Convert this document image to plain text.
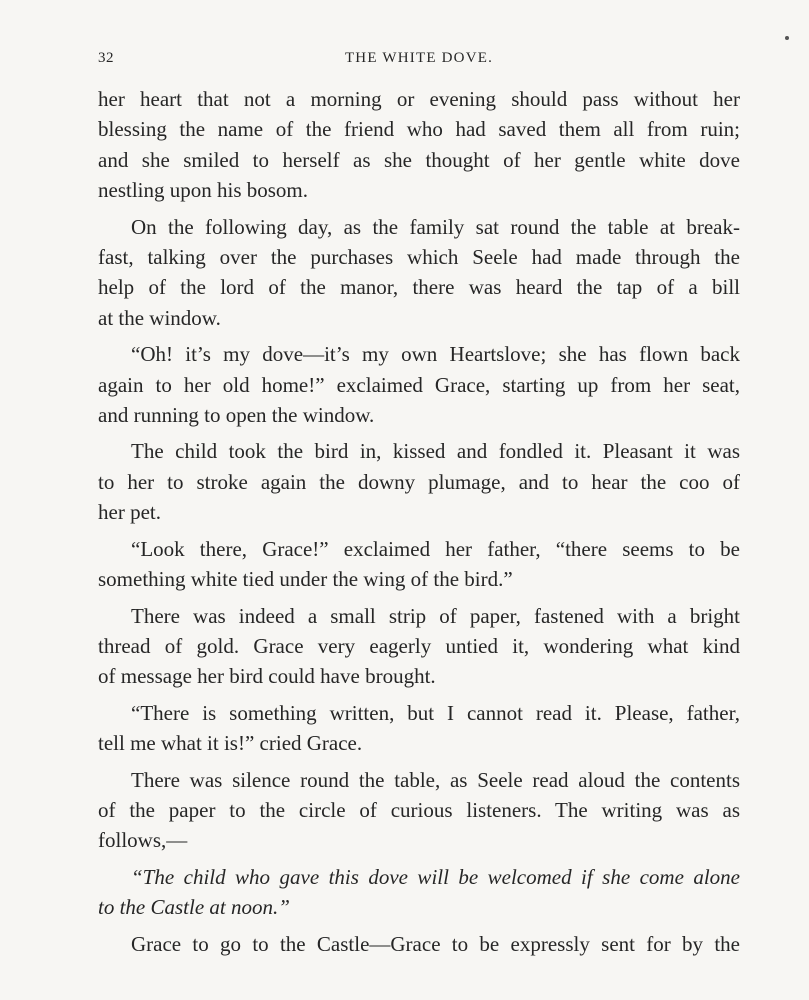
32	THE WHITE DOVE.

her heart that not a morning or evening should pass without her
blessing the name of the friend who had saved them all from ruin;
and she smiled to herself as she thought of her gentle white dove
nestling upon his bosom.

On the following day, as the family sat round the table at break-
fast, talking over the purchases which Seele had made through the
help of the lord of the manor, there was heard the tap of a bill
at the window.

“Oh! it’s my dove—it’s my own Heartslove; she has flown back
again to her old home!” exclaimed Grace, starting up from her seat,
and running to open the window.

The child took the bird in, kissed and fondled it. Pleasant it was
to her to stroke again the downy plumage, and to hear the coo of
her pet.

“Look there, Grace!” exclaimed her father, “there seems to be
something white tied under the wing of the bird.”

There was indeed a small strip of paper, fastened with a bright
thread of gold. Grace very eagerly untied it, wondering what kind
of message her bird could have brought.

“There is something written, but I cannot read it. Please, father,
tell me what it is!” cried Grace.

There was silence round the table, as Seele read aloud the contents
of the paper to the circle of curious listeners. The writing was as
follows,—

“The child who gave this dove will be welcomed if she come alone
to the Castle at noon.”

Grace to go to the Castle—Grace to be expressly sent for by the
